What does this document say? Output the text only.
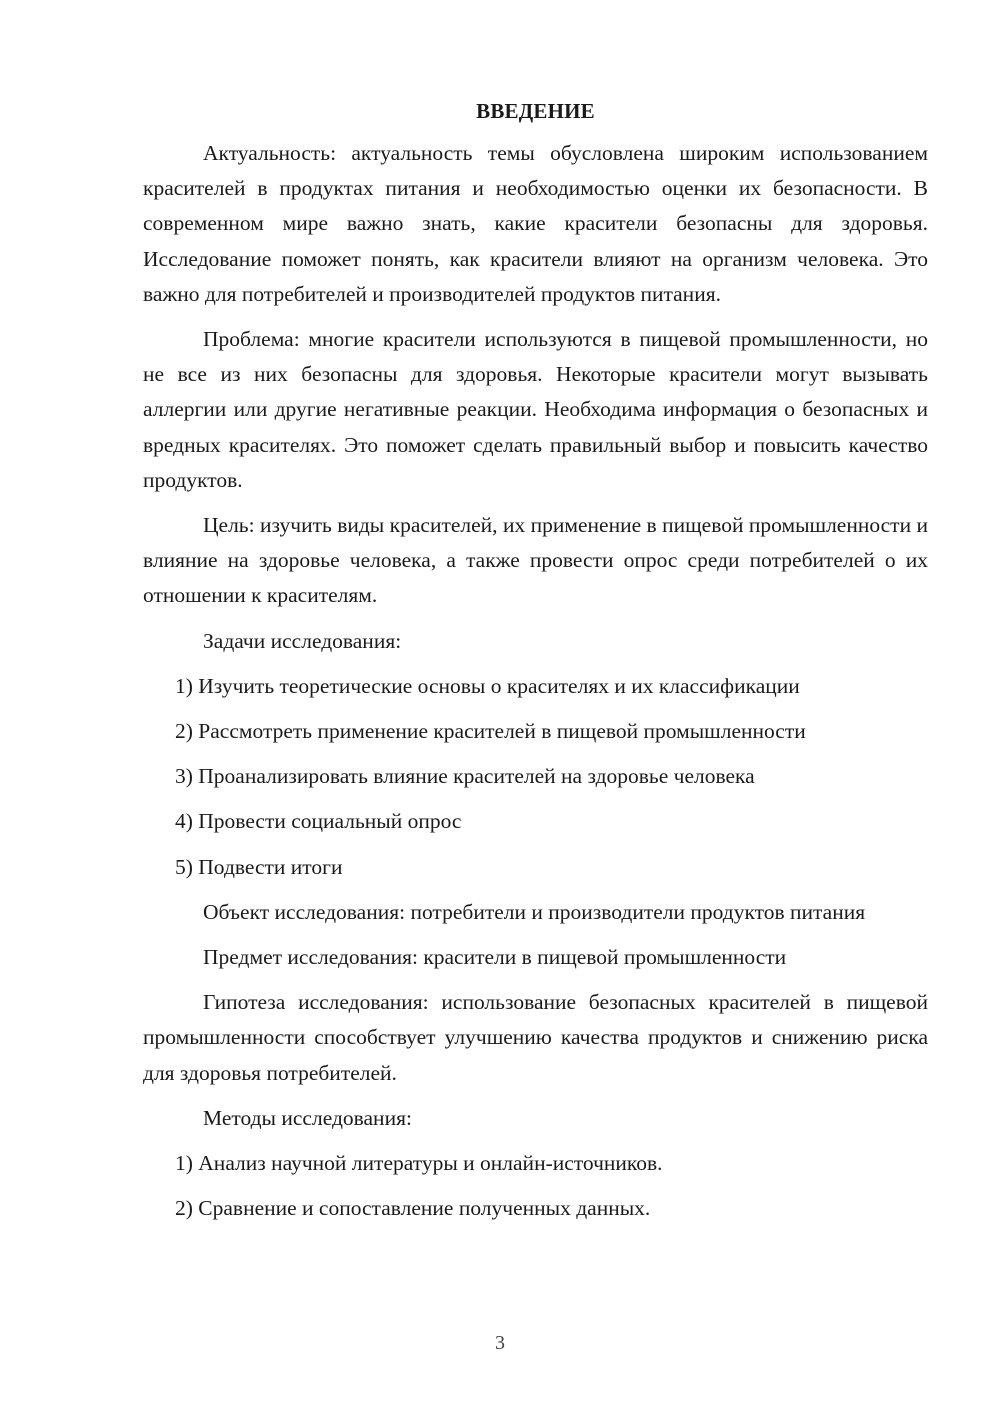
ВВЕДЕНИЕ

Актуальность: актуальность темы обусловлена широким использованием красителей в продуктах питания и необходимостью оценки их безопасности. В современном мире важно знать, какие красители безопасны для здоровья. Исследование поможет понять, как красители влияют на организм человека. Это важно для потребителей и производителей продуктов питания.

Проблема: многие красители используются в пищевой промышленности, но не все из них безопасны для здоровья. Некоторые красители могут вызывать аллергии или другие негативные реакции. Необходима информация о безопасных и вредных красителях. Это поможет сделать правильный выбор и повысить качество продуктов.

Цель: изучить виды красителей, их применение в пищевой промышленности и влияние на здоровье человека, а также провести опрос среди потребителей о их отношении к красителям.

Задачи исследования:

1) Изучить теоретические основы о красителях и их классификации
2) Рассмотреть применение красителей в пищевой промышленности
3) Проанализировать влияние красителей на здоровье человека
4) Провести социальный опрос
5) Подвести итоги

Объект исследования: потребители и производители продуктов питания

Предмет исследования: красители в пищевой промышленности

Гипотеза исследования: использование безопасных красителей в пищевой промышленности способствует улучшению качества продуктов и снижению риска для здоровья потребителей.

Методы исследования:

1) Анализ научной литературы и онлайн-источников.
2) Сравнение и сопоставление полученных данных.
3
